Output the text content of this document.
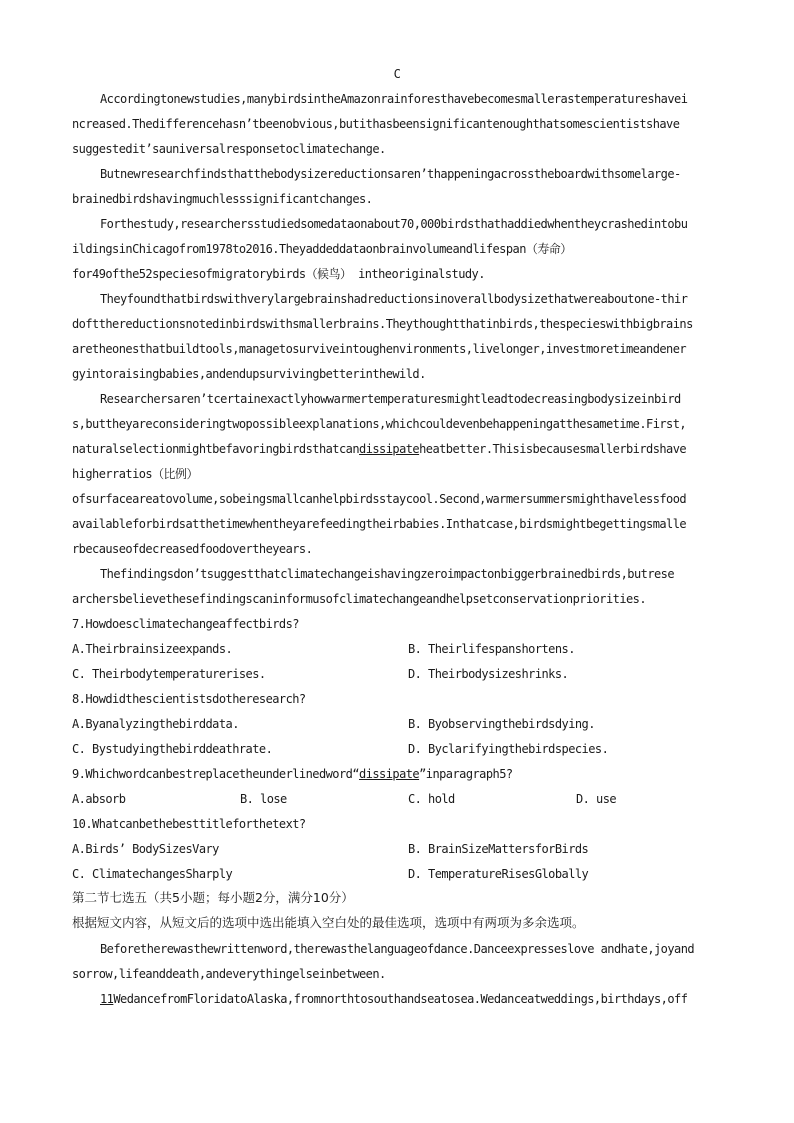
C
Accordingtonewstudies,manybirdsintheAmazonrainforesthavebecomesmallerastemperatureshavei
ncreased.Thedifferencehasn’tbeenobvious,butithasbeensignificantenoughthatsomescientistshave
suggestedit’sauniversalresponsetoclimatechange.
Butnewresearchfindsthatthebodysizereductionsaren’thappeningacrosstheboardwithsomelarge-
brainedbirdshavingmuchlesssignificantchanges.
Forthestudy,researchersstudiedsomedataonabout70,000birdsthathaddiedwhentheycrashedintobu
ildingsinChicagofrom1978to2016.Theyaddeddataonbrainvolumeandlifespan（寿命）
for49ofthe52speciesofmigratorybirds（候鸟） intheoriginalstudy.
Theyfoundthatbirdswithverylargebrainshadreductionsinoverallbodysizethatwereaboutone-thir
doftthereductionsnotedinbirdswithsmallerbrains.Theythoughtthatinbirds,thespecieswithbigbrains
aretheonesthatbuildtools,managetosurviveintoughenvironments,livelonger,investmoretimeandener
gyintoraisingbabies,andendupsurvivingbetterinthewild.
Researchersaren’tcertainexactlyhowwarmertemperaturesmightleadtodecreasingbodysizeinbird
s,buttheyareconsideringtwopossibleexplanations,whichcouldevenbehappeningatthesametime.First,
naturalselectionmightbefavoringbirdsthatcandissipateheatbetter.Thisisbecausesmallerbirdshave
higherratios（比例）
ofsurfaceareatovolume,sobeingsmallcanhelpbirdsstaycool.Second,warmersummersmighthavelessfood
availableforbirdsatthetimewhentheyarefeedingtheirbabies.Inthatcase,birdsmightbegettingsmalle
rbecauseofdecreasedfoodovertheyears.
Thefindingsdon’tsuggestthatclimatechangeishavingzeroimpactonbiggerbrainedbirds,butrese
archersbelievethesefindingscaninformusofclimatechangeandhelpsetconservationpriorities.
7.Howdoesclimatechangeaffectbirds?
A.Theirbrainsizeexpands.	B. Theirlifespanshortens.
C. Theirbodytemperaturerises.	D. Theirbodysizeshrinks.
8.Howdidthescientistsdotheresearch?
A.Byanalyzingthebirddata.	B. Byobservingthebirdsdying.
C. Bystudyingthebirddeathrate.	D. Byclarifyingthebirdspecies.
9.Whichwordcanbestreplacetheunderlinedword“dissipate”inparagraph5?
A.absorb	B. lose	C. hold	D. use
10.Whatcanbethebesttitleforthetext?
A.Birds’ BodySizesVary	B. BrainSizeMattersforBirds
C. ClimatechangesSharply	D. TemperatureRisesGlobally
第二节七选五（共5小题；每小题2分，满分10分）
根据短文内容，从短文后的选项中选出能填入空白处的最佳选项，选项中有两项为多余选项。
Beforetherewasthewrittenword,therewasthelanguageofdance.Danceexpresseslove andhate,joyand
sorrow,lifeanddeath,andeverythingelseinbetween.
11WedancefromFloridatoAlaska,fromnorthtosouthandseatosea.Wedanceatweddings,birthdays,off
